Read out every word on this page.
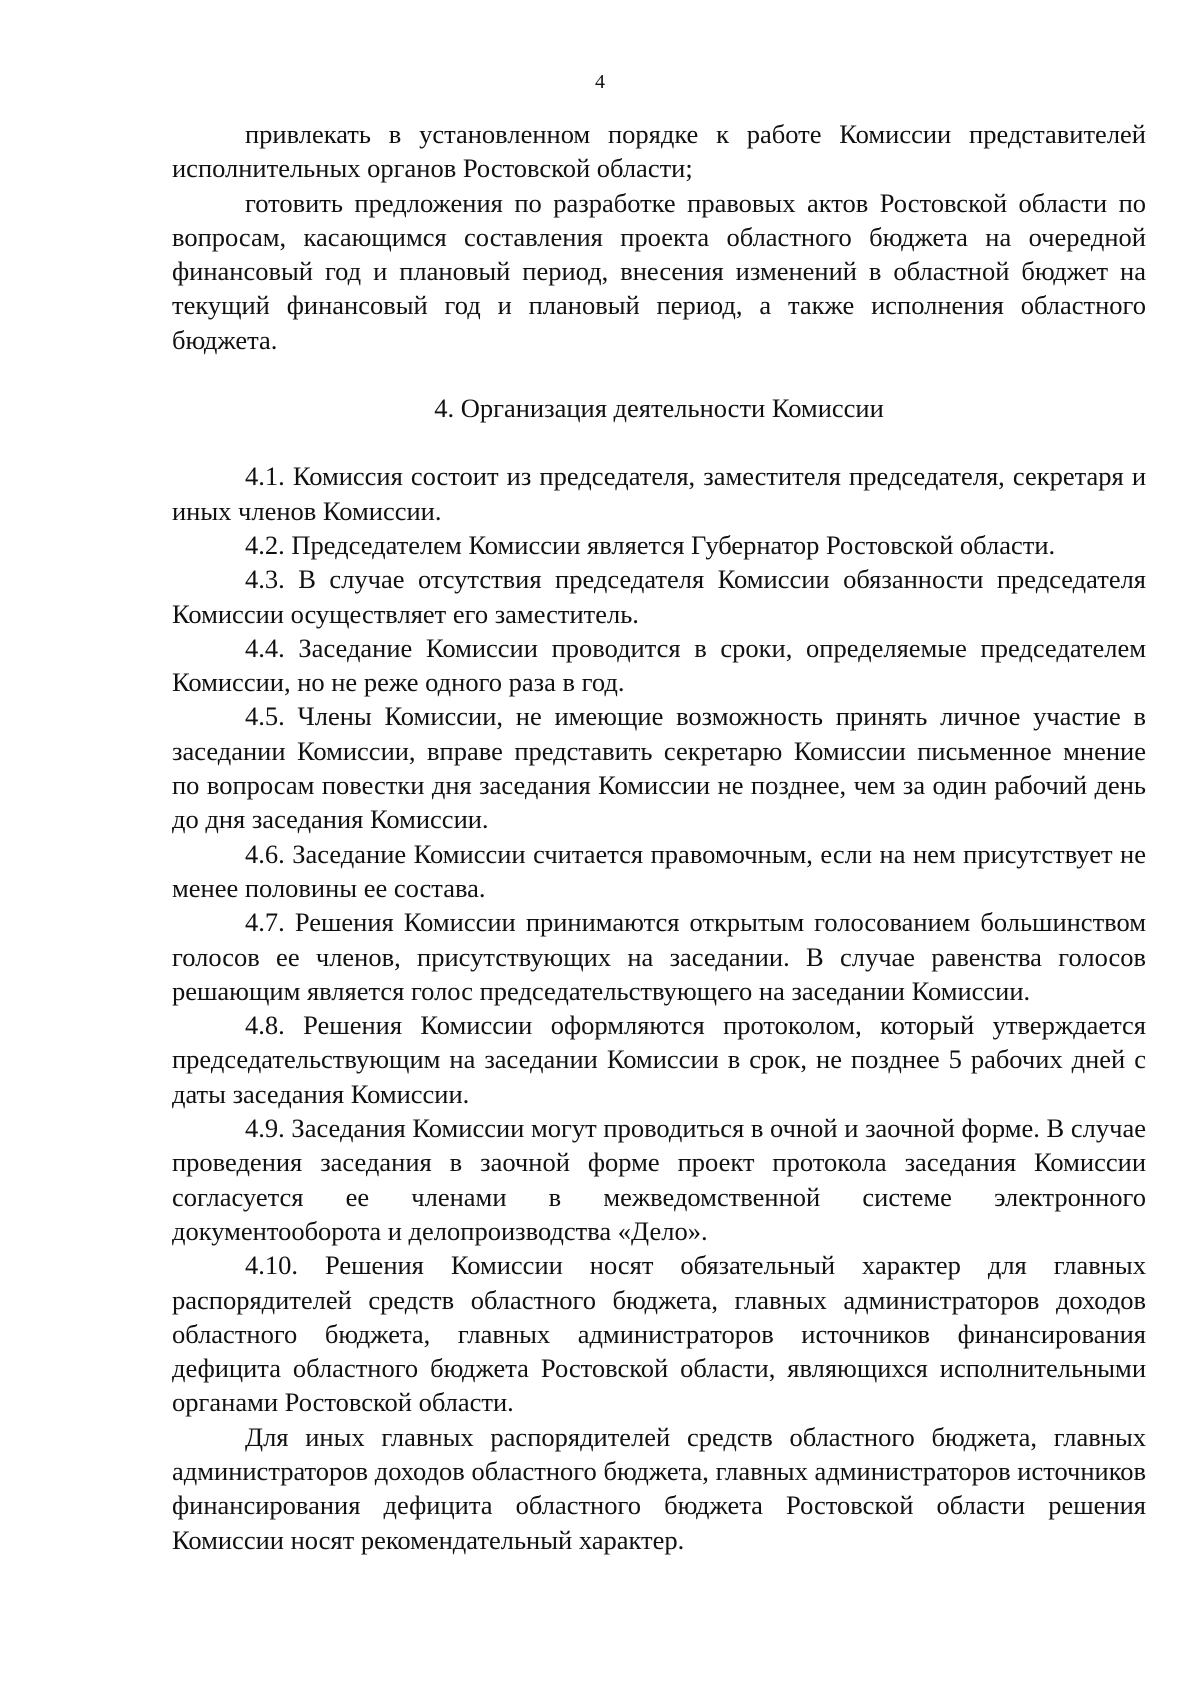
4

привлекать в установленном порядке к работе Комиссии представителей исполнительных органов Ростовской области;

готовить предложения по разработке правовых актов Ростовской области по вопросам, касающимся составления проекта областного бюджета на очередной финансовый год и плановый период, внесения изменений в областной бюджет на текущий финансовый год и плановый период, а также исполнения областного бюджета.

4. Организация деятельности Комиссии

4.1. Комиссия состоит из председателя, заместителя председателя, секретаря и иных членов Комиссии.

4.2. Председателем Комиссии является Губернатор Ростовской области.

4.3. В случае отсутствия председателя Комиссии обязанности председателя Комиссии осуществляет его заместитель.

4.4. Заседание Комиссии проводится в сроки, определяемые председателем Комиссии, но не реже одного раза в год.

4.5. Члены Комиссии, не имеющие возможность принять личное участие в заседании Комиссии, вправе представить секретарю Комиссии письменное мнение по вопросам повестки дня заседания Комиссии не позднее, чем за один рабочий день до дня заседания Комиссии.

4.6. Заседание Комиссии считается правомочным, если на нем присутствует не менее половины ее состава.

4.7. Решения Комиссии принимаются открытым голосованием большинством голосов ее членов, присутствующих на заседании. В случае равенства голосов решающим является голос председательствующего на заседании Комиссии.

4.8. Решения Комиссии оформляются протоколом, который утверждается председательствующим на заседании Комиссии в срок, не позднее 5 рабочих дней с даты заседания Комиссии.

4.9. Заседания Комиссии могут проводиться в очной и заочной форме. В случае проведения заседания в заочной форме проект протокола заседания Комиссии согласуется ее членами в межведомственной системе электронного документооборота и делопроизводства «Дело».

4.10. Решения Комиссии носят обязательный характер для главных распорядителей средств областного бюджета, главных администраторов доходов областного бюджета, главных администраторов источников финансирования дефицита областного бюджета Ростовской области, являющихся исполнительными органами Ростовской области.

Для иных главных распорядителей средств областного бюджета, главных администраторов доходов областного бюджета, главных администраторов источников финансирования дефицита областного бюджета Ростовской области решения Комиссии носят рекомендательный характер.
